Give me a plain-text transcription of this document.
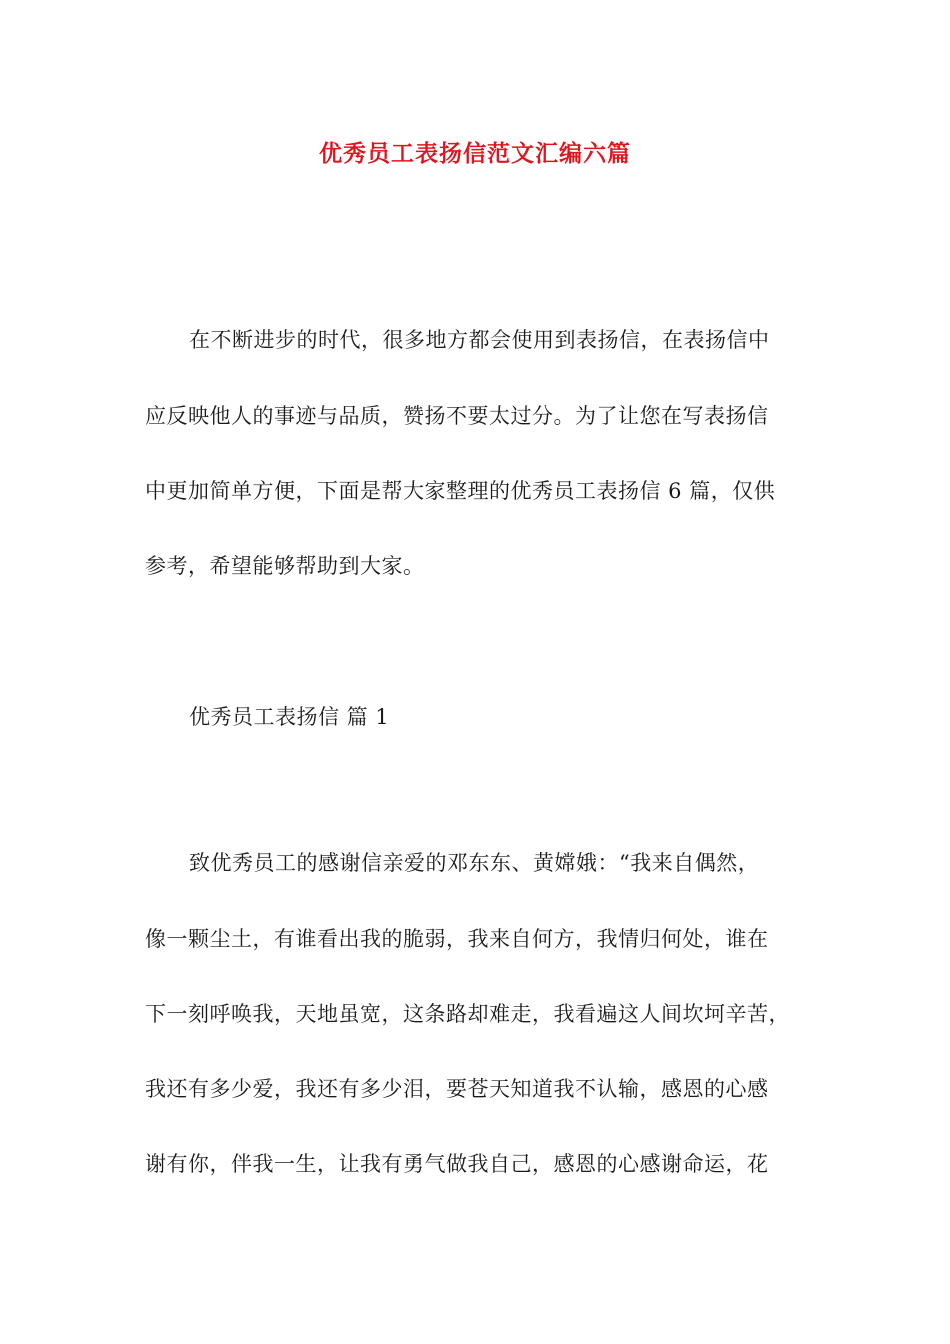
优秀员工表扬信范文汇编六篇
在不断进步的时代，很多地方都会使用到表扬信，在表扬信中
应反映他人的事迹与品质，赞扬不要太过分。为了让您在写表扬信
中更加简单方便，下面是帮大家整理的优秀员工表扬信 6 篇，仅供
参考，希望能够帮助到大家。
优秀员工表扬信 篇 1
致优秀员工的感谢信亲爱的邓东东、黄嫦娥：“我来自偶然，
像一颗尘土，有谁看出我的脆弱，我来自何方，我情归何处，谁在
下一刻呼唤我，天地虽宽，这条路却难走，我看遍这人间坎坷辛苦，
我还有多少爱，我还有多少泪，要苍天知道我不认输，感恩的心感
谢有你，伴我一生，让我有勇气做我自己，感恩的心感谢命运，花
